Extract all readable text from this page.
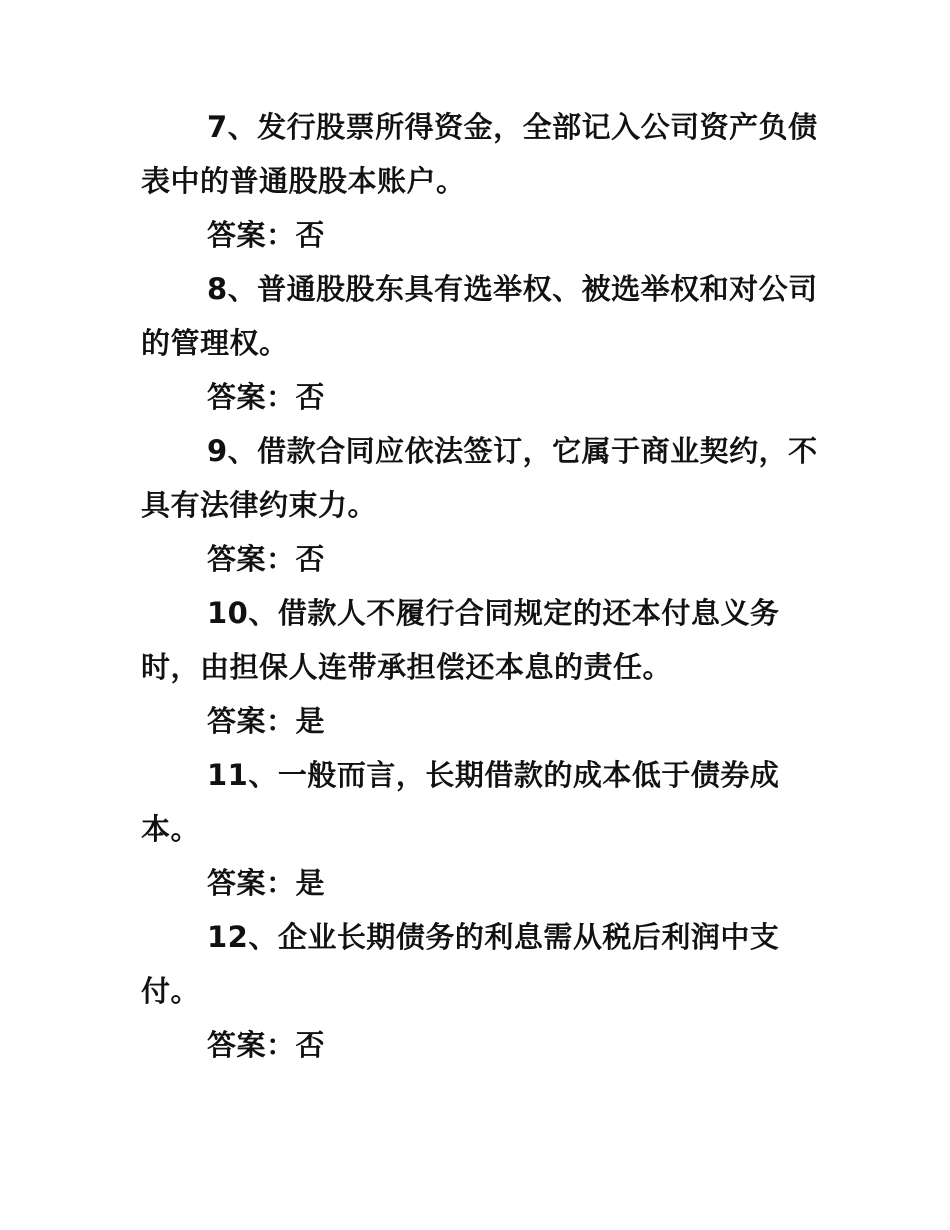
7、发行股票所得资金，全部记入公司资产负债表中的普通股股本账户。

答案：否

8、普通股股东具有选举权、被选举权和对公司的管理权。

答案：否

9、借款合同应依法签订，它属于商业契约，不具有法律约束力。

答案：否

10、借款人不履行合同规定的还本付息义务时，由担保人连带承担偿还本息的责任。

答案：是

11、一般而言，长期借款的成本低于债券成本。

答案：是

12、企业长期债务的利息需从税后利润中支付。

答案：否
